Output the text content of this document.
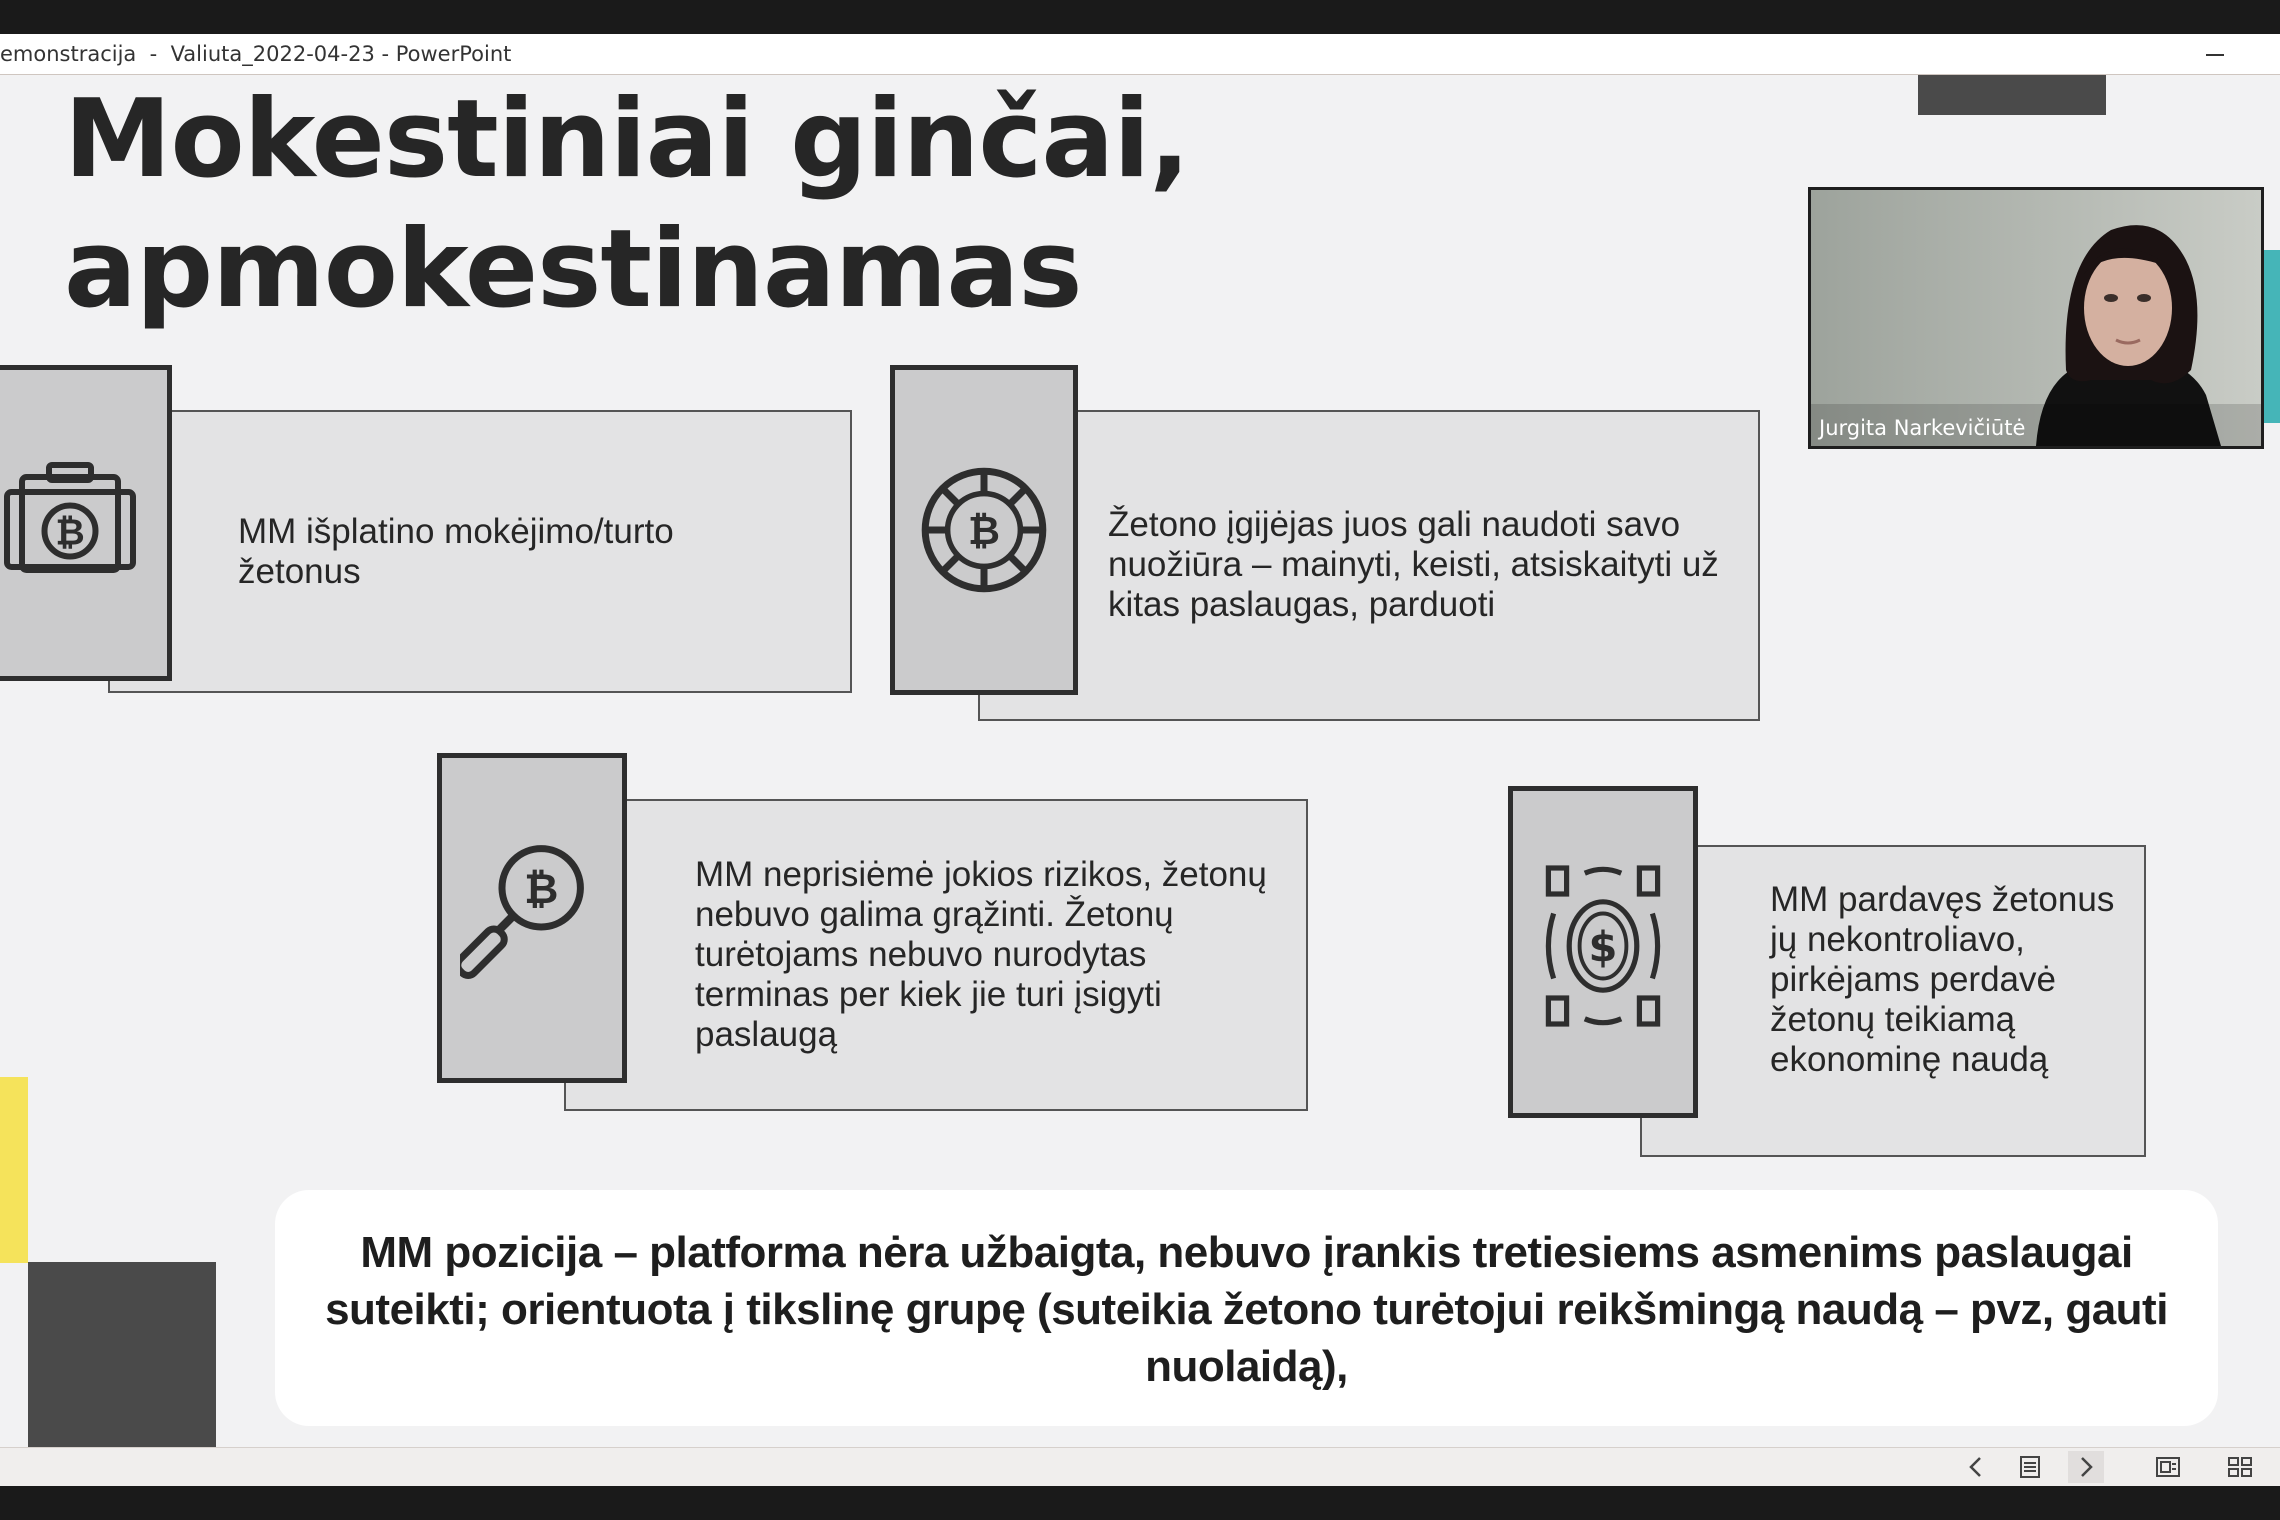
emonstracija  -  Valiuta_2022-04-23 - PowerPoint
Mokestiniai ginčai,
apmokestinamas
₿	MM išplatino mokėjimo/turto žetonus
₿	Žetono įgijėjas juos gali naudoti savo nuožiūra – mainyti, keisti, atsiskaityti už kitas paslaugas, parduoti
₿	MM neprisiėmė jokios rizikos, žetonų nebuvo galima grąžinti. Žetonų turėtojams nebuvo nurodytas terminas per kiek jie turi įsigyti paslaugą
$
MM pardavęs žetonus jų nekontroliavo, pirkėjams perdavė žetonų teikiamą ekonominę naudą
MM pozicija – platforma nėra užbaigta, nebuvo įrankis tretiesiems asmenims paslaugai suteikti; orientuota į tikslinę grupę (suteikia žetono turėtojui reikšmingą naudą – pvz, gauti nuolaidą),
Jurgita Narkevičiūtė
